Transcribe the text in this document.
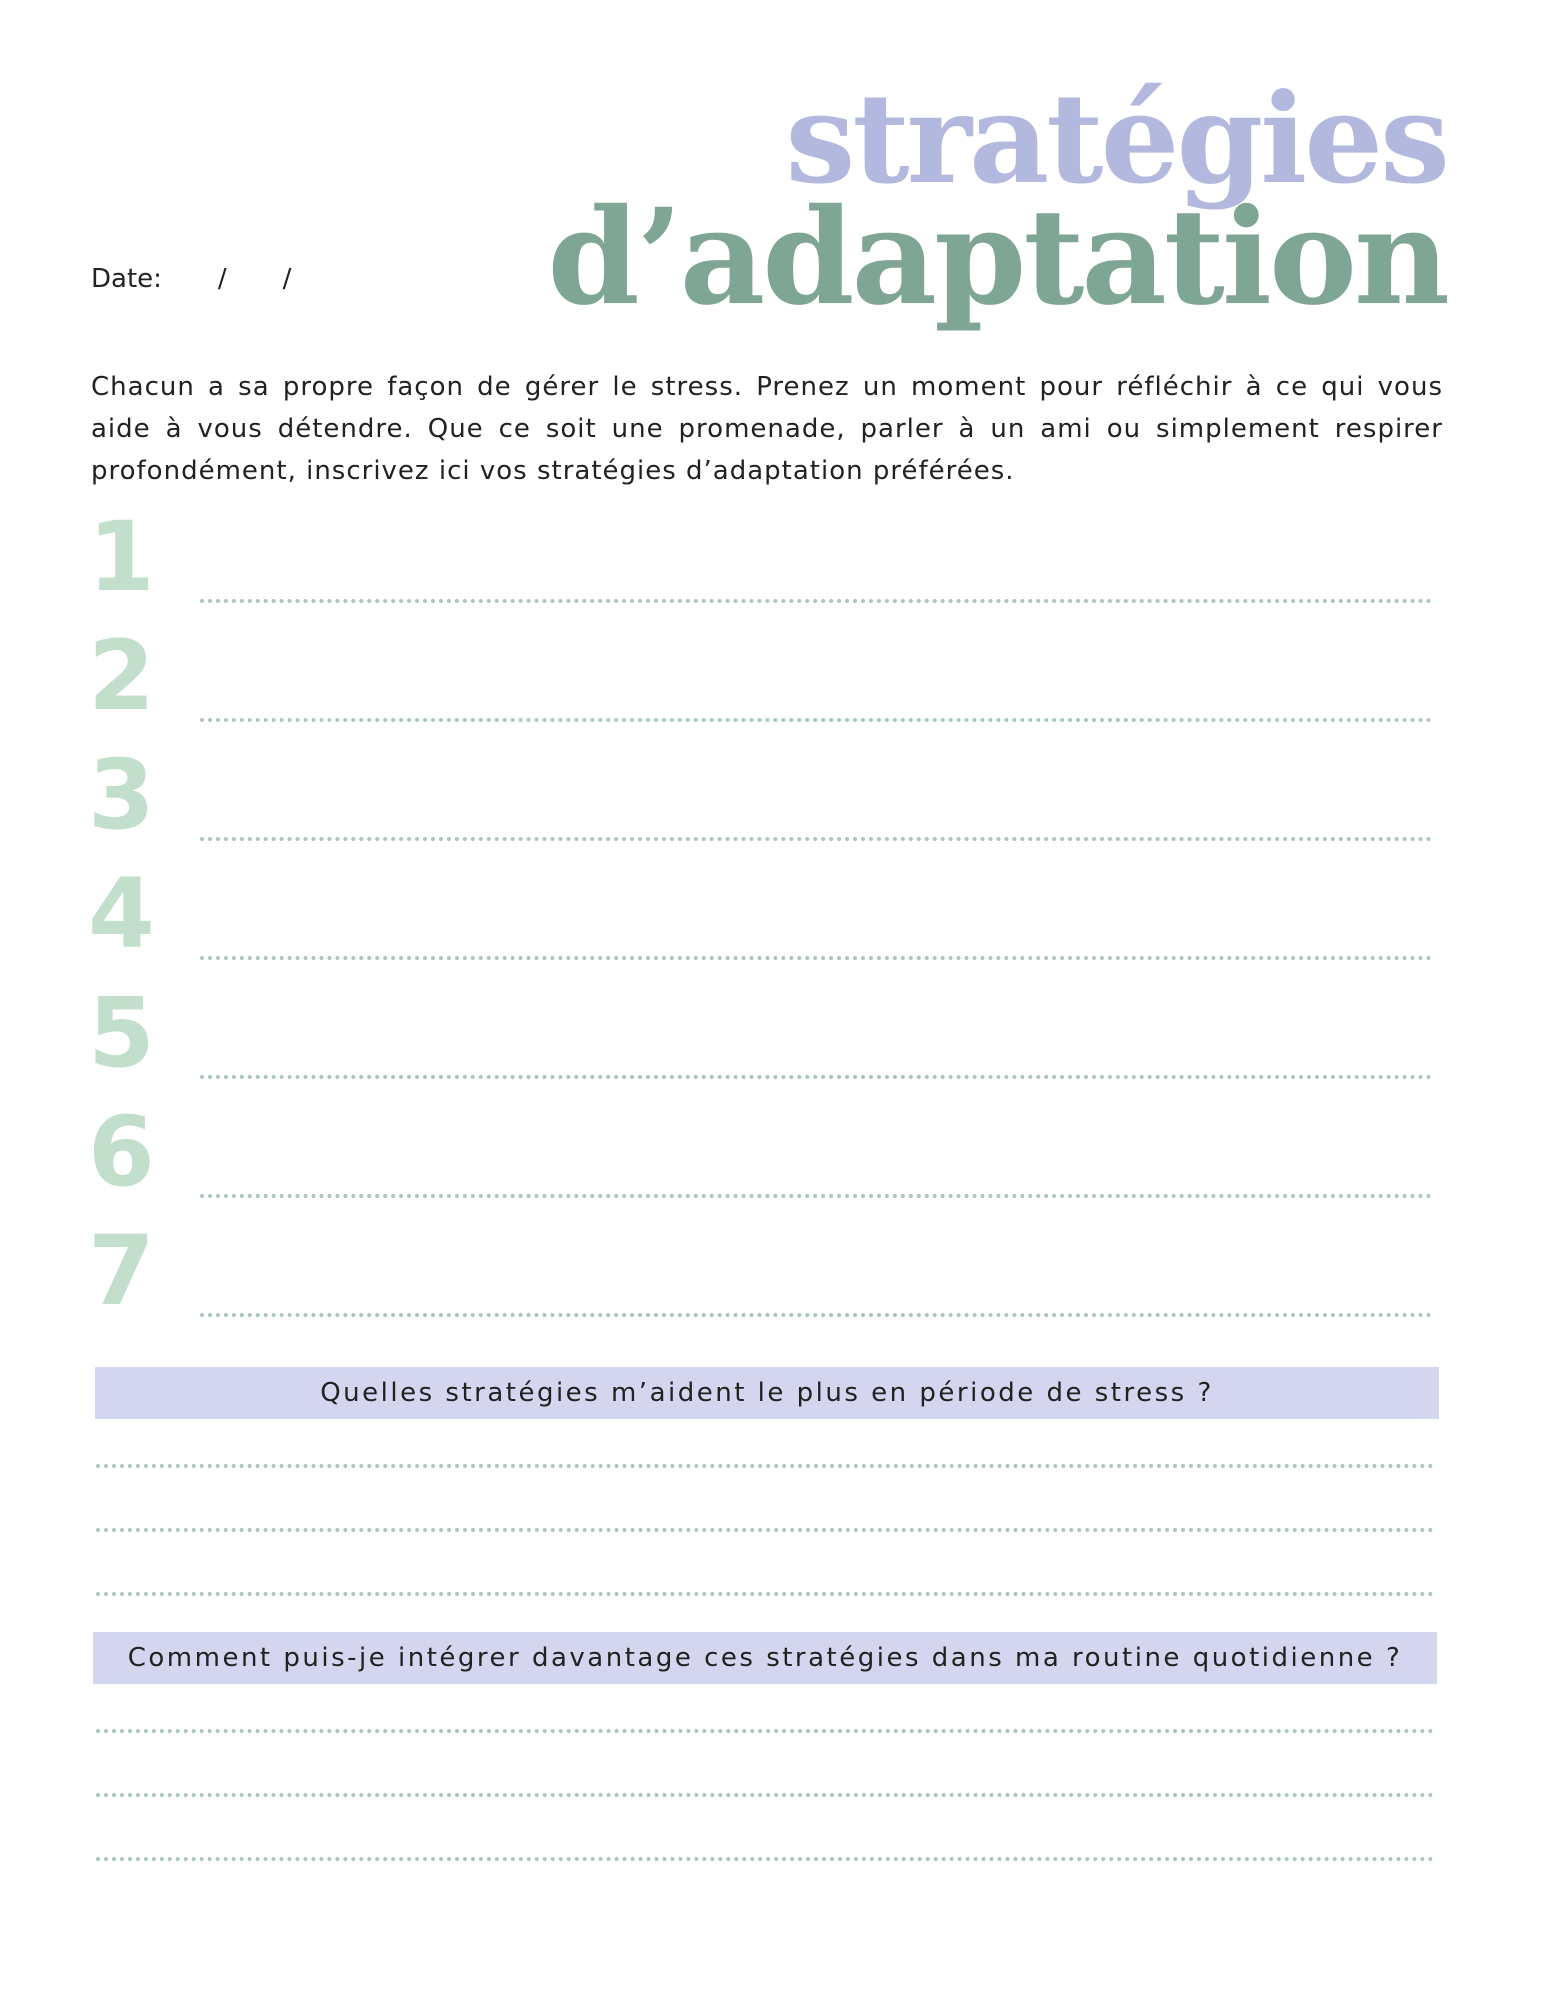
stratégies
d’adaptation
Date: / /

Chacun a sa propre façon de gérer le stress. Prenez un moment pour réfléchir à ce qui vous aide à vous détendre. Que ce soit une promenade, parler à un ami ou simplement respirer profondément, inscrivez ici vos stratégies d’adaptation préférées.

1
2
3
4
5
6
7
Quelles stratégies m’aident le plus en période de stress ?
Comment puis-je intégrer davantage ces stratégies dans ma routine quotidienne ?
